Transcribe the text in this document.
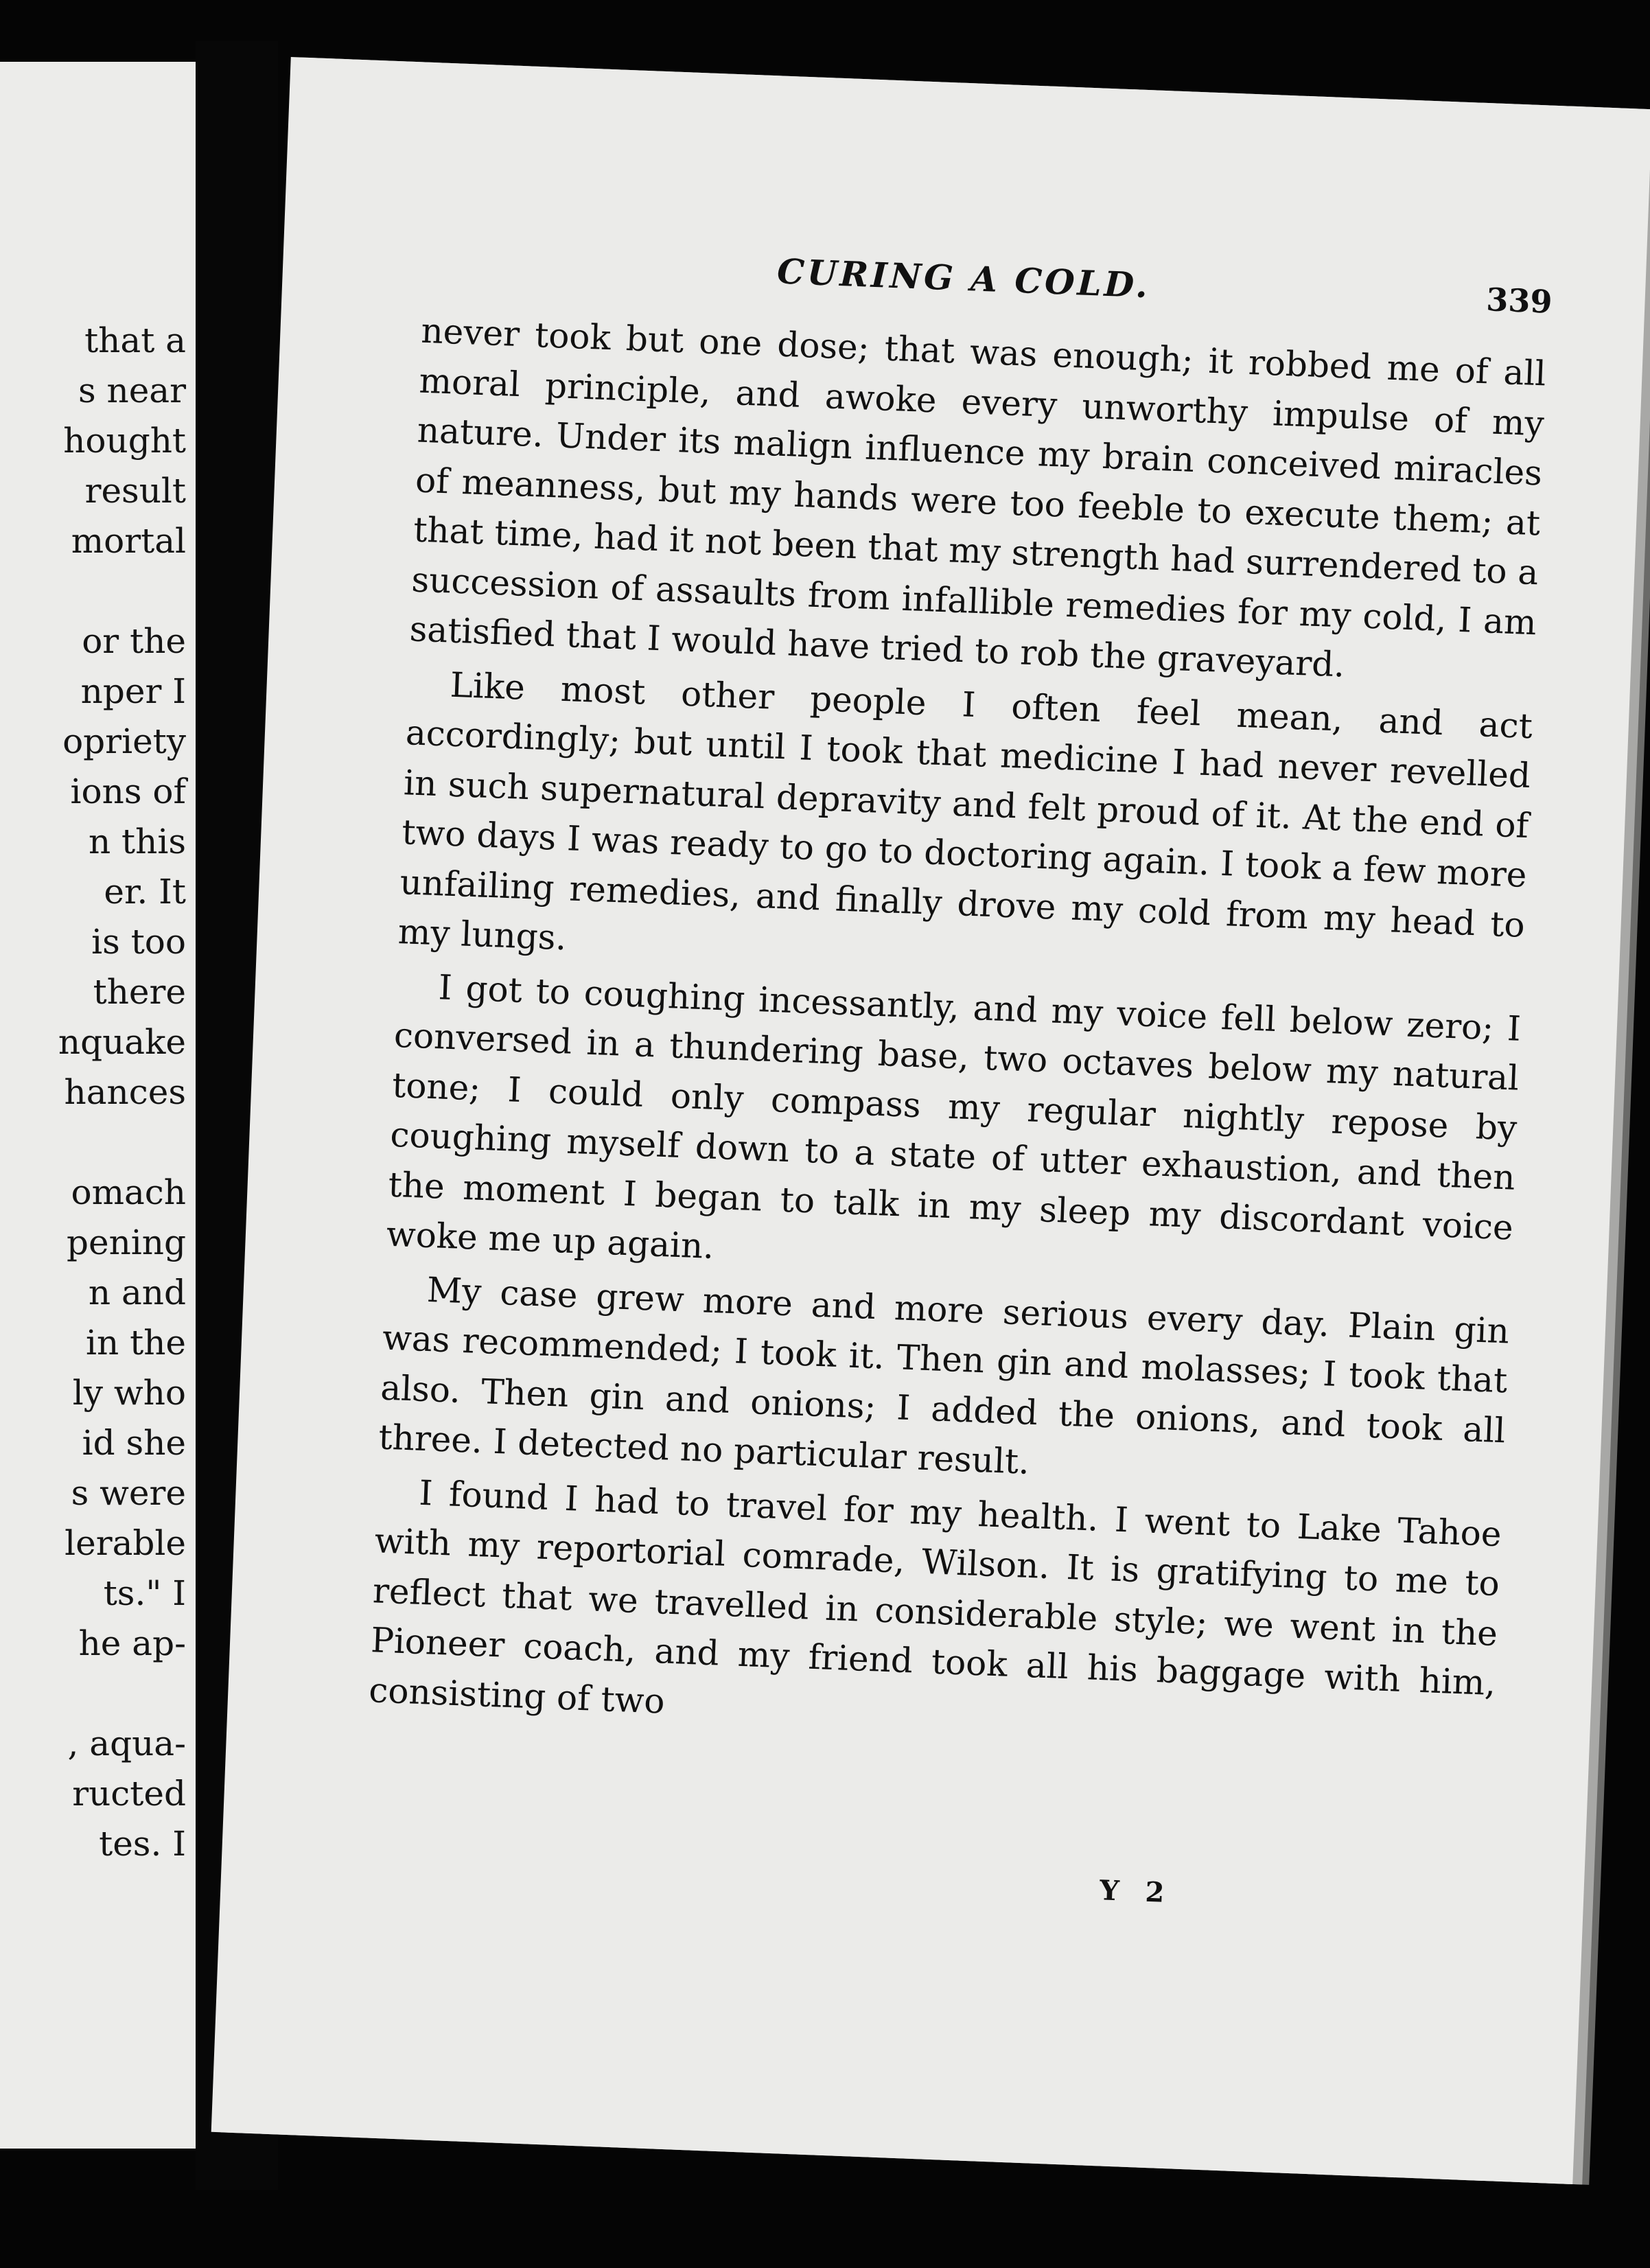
that a
s near
hought
result
mortal
or the
nper I
opriety
ions of
n this
er. It
is too
there
nquake
hances
omach
pening
n and
in the
ly who
id she
s were
lerable
ts." I
he ap-
, aqua-
ructed
tes. I
CURING A COLD.	339

never took but one dose; that was enough; it robbed me of all moral principle, and awoke every unworthy impulse of my nature. Under its malign influence my brain conceived miracles of meanness, but my hands were too feeble to execute them; at that time, had it not been that my strength had surrendered to a succession of assaults from infallible remedies for my cold, I am satisfied that I would have tried to rob the graveyard.

Like most other people I often feel mean, and act accordingly; but until I took that medicine I had never revelled in such supernatural depravity and felt proud of it. At the end of two days I was ready to go to doctoring again. I took a few more unfailing remedies, and finally drove my cold from my head to my lungs.

I got to coughing incessantly, and my voice fell below zero; I conversed in a thundering base, two octaves below my natural tone; I could only compass my regular nightly repose by coughing myself down to a state of utter exhaustion, and then the moment I began to talk in my sleep my discordant voice woke me up again.

My case grew more and more serious every day. Plain gin was recommended; I took it. Then gin and molasses; I took that also. Then gin and onions; I added the onions, and took all three. I detected no particular result.

I found I had to travel for my health. I went to Lake Tahoe with my reportorial comrade, Wilson. It is gratifying to me to reflect that we travelled in considerable style; we went in the Pioneer coach, and my friend took all his baggage with him, consisting of two

Y 2
